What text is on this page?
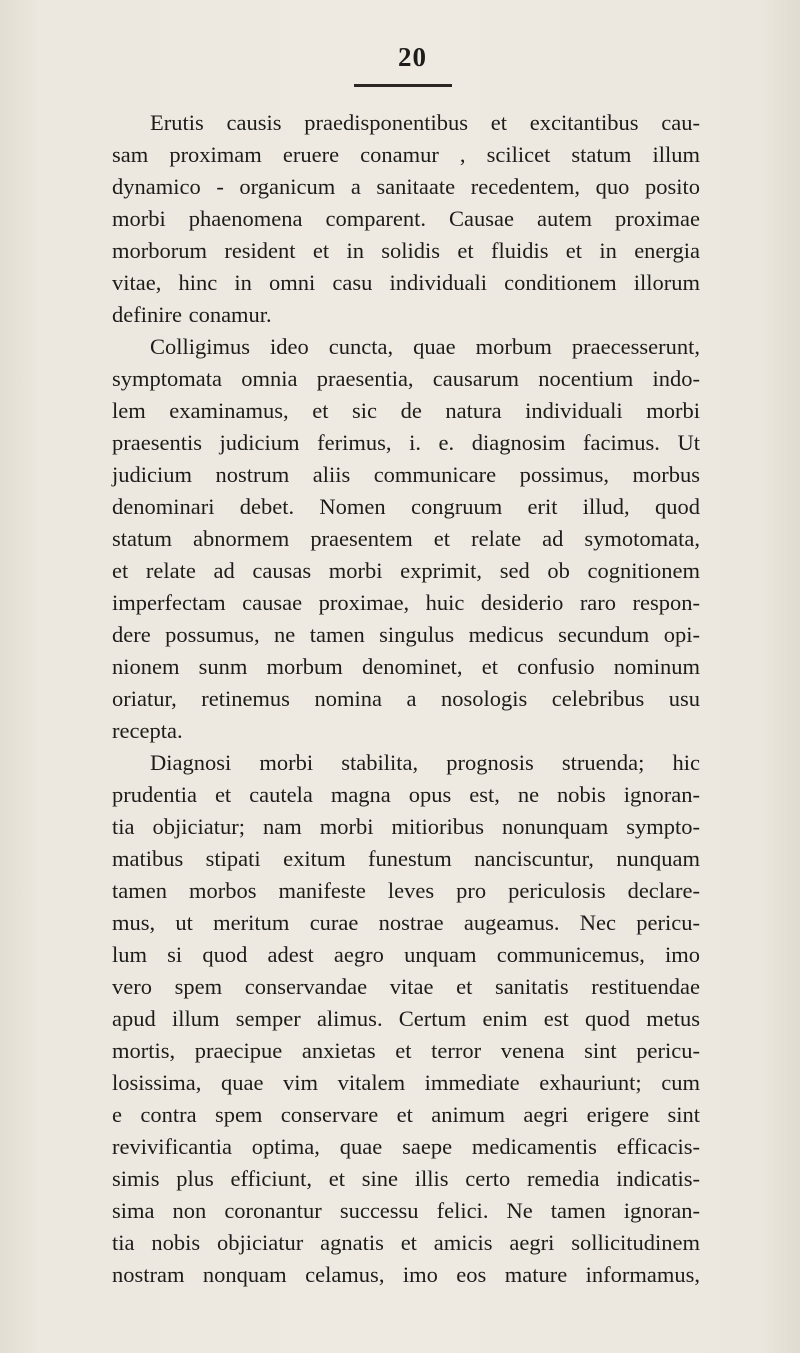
20
Erutis causis praedisponentibus et excitantibus cau-
sam proximam eruere conamur , scilicet statum illum
dynamico - organicum a sanitaate recedentem, quo posito
morbi phaenomena comparent. Causae autem proximae
morborum resident et in solidis et fluidis et in energia
vitae, hinc in omni casu individuali conditionem illorum
definire conamur.
Colligimus ideo cuncta, quae morbum praecesserunt,
symptomata omnia praesentia, causarum nocentium indo-
lem examinamus, et sic de natura individuali morbi
praesentis judicium ferimus, i. e. diagnosim facimus. Ut
judicium nostrum aliis communicare possimus, morbus
denominari debet. Nomen congruum erit illud, quod
statum abnormem praesentem et relate ad symotomata,
et relate ad causas morbi exprimit, sed ob cognitionem
imperfectam causae proximae, huic desiderio raro respon-
dere possumus, ne tamen singulus medicus secundum opi-
nionem sunm morbum denominet, et confusio nominum
oriatur, retinemus nomina a nosologis celebribus usu
recepta.
Diagnosi morbi stabilita, prognosis struenda; hic
prudentia et cautela magna opus est, ne nobis ignoran-
tia objiciatur; nam morbi mitioribus nonunquam sympto-
matibus stipati exitum funestum nanciscuntur, nunquam
tamen morbos manifeste leves pro periculosis declare-
mus, ut meritum curae nostrae augeamus. Nec pericu-
lum si quod adest aegro unquam communicemus, imo
vero spem conservandae vitae et sanitatis restituendae
apud illum semper alimus. Certum enim est quod metus
mortis, praecipue anxietas et terror venena sint pericu-
losissima, quae vim vitalem immediate exhauriunt; cum
e contra spem conservare et animum aegri erigere sint
revivificantia optima, quae saepe medicamentis efficacis-
simis plus efficiunt, et sine illis certo remedia indicatis-
sima non coronantur successu felici. Ne tamen ignoran-
tia nobis objiciatur agnatis et amicis aegri sollicitudinem
nostram nonquam celamus, imo eos mature informamus,
